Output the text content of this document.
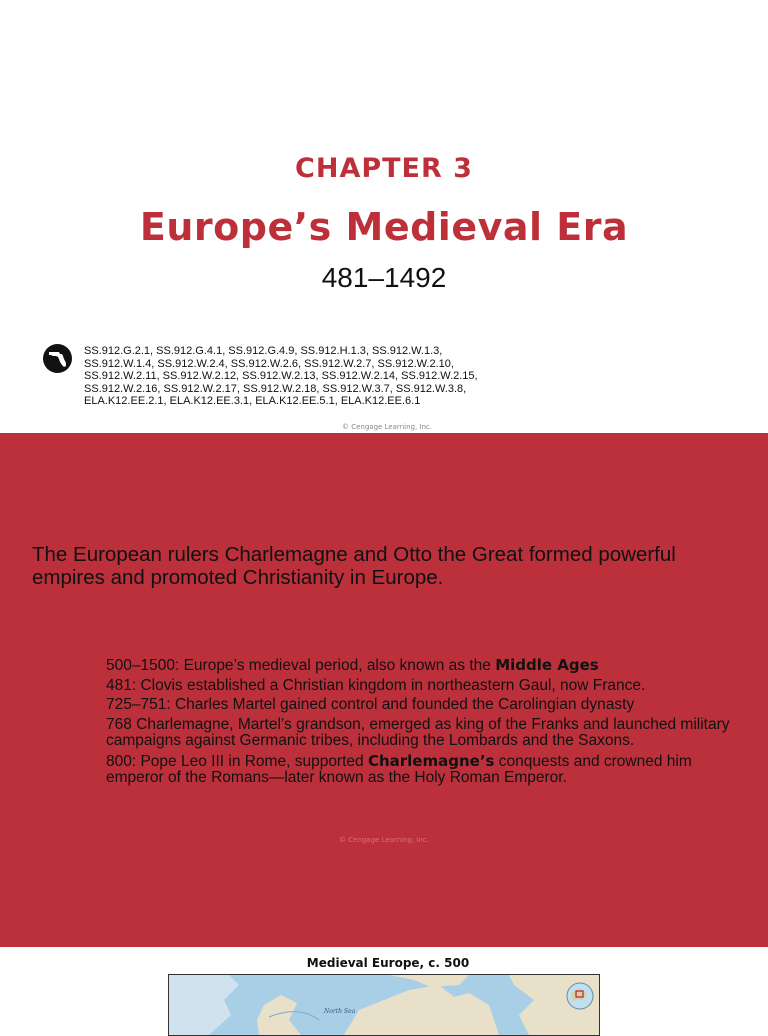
CHAPTER 3
Europe’s Medieval Era
481–1492
SS.912.G.2.1, SS.912.G.4.1, SS.912.G.4.9, SS.912.H.1.3, SS.912.W.1.3,
SS.912.W.1.4, SS.912.W.2.4, SS.912.W.2.6, SS.912.W.2.7, SS.912.W.2.10,
SS.912.W.2.11, SS.912.W.2.12, SS.912.W.2.13, SS.912.W.2.14, SS.912.W.2.15,
SS.912.W.2.16, SS.912.W.2.17, SS.912.W.2.18, SS.912.W.3.7, SS.912.W.3.8,
ELA.K12.EE.2.1, ELA.K12.EE.3.1, ELA.K12.EE.5.1, ELA.K12.EE.6.1
© Cengage Learning, Inc.
The European rulers Charlemagne and Otto the Great formed powerful empires and promoted Christianity in Europe.
500–1500: Europe’s medieval period, also known as the Middle Ages
481: Clovis established a Christian kingdom in northeastern Gaul, now France.
725–751: Charles Martel gained control and founded the Carolingian dynasty
768 Charlemagne, Martel’s grandson, emerged as king of the Franks and launched military campaigns against Germanic tribes, including the Lombards and the Saxons.
800: Pope Leo III in Rome, supported Charlemagne’s conquests and crowned him emperor of the Romans—later known as the Holy Roman Emperor.
© Cengage Learning, Inc.
Medieval Europe, c. 500
North Sea
